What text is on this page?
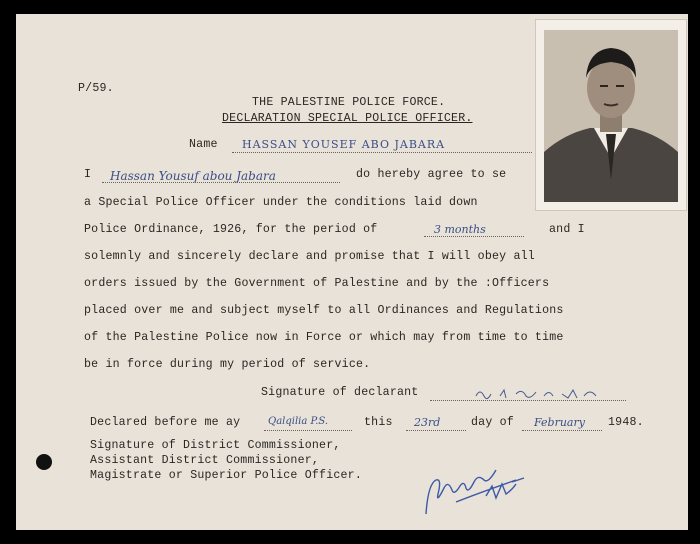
P/59.
THE PALESTINE POLICE FORCE.
DECLARATION SPECIAL POLICE OFFICER.
Name HASSAN YOUSEF ABO JABARA
I Hassan Yousuf abou Jabara	do hereby agree to se
a Special Police Officer under the conditions laid down
Police Ordinance, 1926, for the period of	3 months	and I
solemnly and sincerely declare and promise that I will obey all
orders issued by the Government of Palestine and by the :Officers
placed over me and subject myself to all Ordinances and Regulations
of the Palestine Police now in Force or which may from time to time
be in force during my period of service.
Signature of declarant
Declared before me ay	Qalqilia P.S.	this 23rd	day of February 1948.
Signature of District Commissioner,
Assistant District Commissioner,
Magistrate or Superior Police Officer.
